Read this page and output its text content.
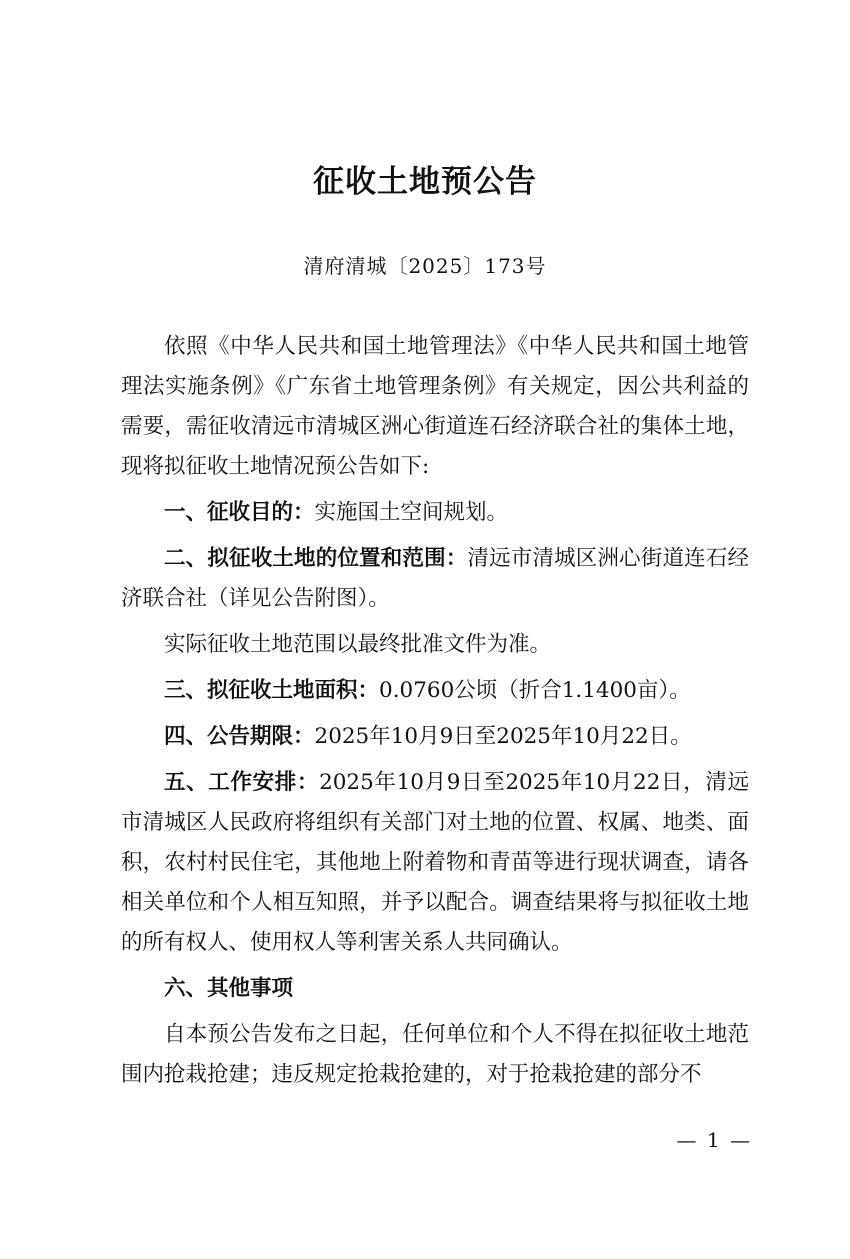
征收土地预公告
清府清城〔2025〕173号

依照《中华人民共和国土地管理法》《中华人民共和国土地管理法实施条例》《广东省土地管理条例》有关规定，因公共利益的需要，需征收清远市清城区洲心街道连石经济联合社的集体土地，现将拟征收土地情况预公告如下:

一、征收目的：实施国土空间规划。

二、拟征收土地的位置和范围：清远市清城区洲心街道连石经济联合社（详见公告附图）。

实际征收土地范围以最终批准文件为准。

三、拟征收土地面积：0.0760公顷（折合1.1400亩）。

四、公告期限：2025年10月9日至2025年10月22日。

五、工作安排：2025年10月9日至2025年10月22日，清远市清城区人民政府将组织有关部门对土地的位置、权属、地类、面积，农村村民住宅，其他地上附着物和青苗等进行现状调查，请各相关单位和个人相互知照，并予以配合。调查结果将与拟征收土地的所有权人、使用权人等利害关系人共同确认。

六、其他事项

自本预公告发布之日起，任何单位和个人不得在拟征收土地范围内抢栽抢建；违反规定抢栽抢建的，对于抢栽抢建的部分不

— 1 —
